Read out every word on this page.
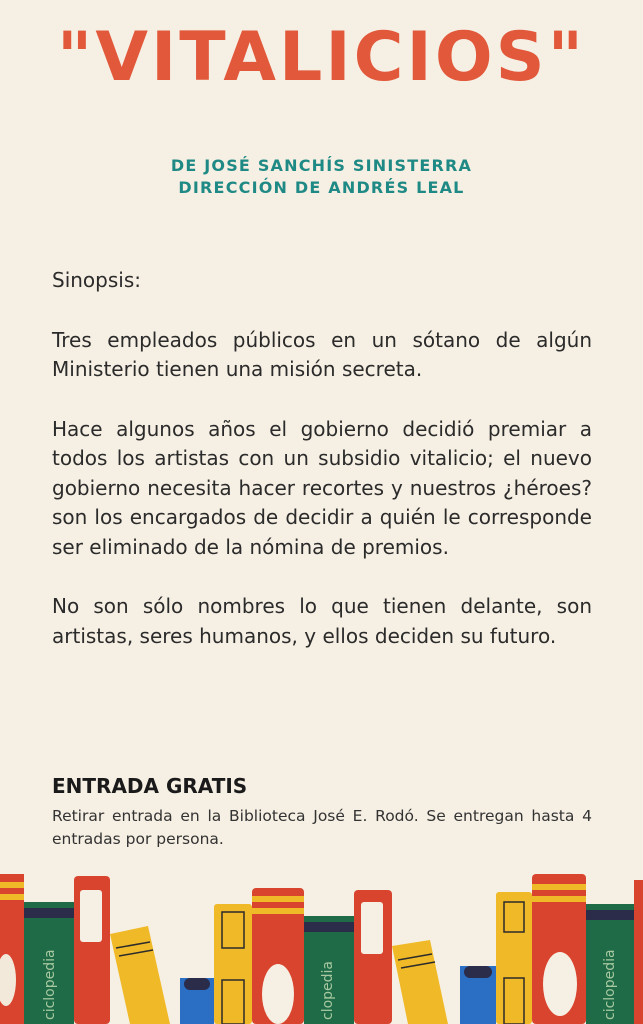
"VITALICIOS"
DE JOSÉ SANCHÍS SINISTERRA
DIRECCIÓN DE ANDRÉS LEAL

Sinopsis:

Tres empleados públicos en un sótano de algún Ministerio tienen una misión secreta.

Hace algunos años el gobierno decidió premiar a todos los artistas con un subsidio vitalicio; el nuevo gobierno necesita hacer recortes y nuestros ¿héroes? son los encargados de decidir a quién le corresponde ser eliminado de la nómina de premios.

No son sólo nombres lo que tienen delante, son artistas, seres humanos, y ellos deciden su futuro.

ENTRADA GRATIS
Retirar entrada en la Biblioteca José E. Rodó. Se entregan hasta 4 entradas por persona.
ciclopedia	clopedia	ciclopedia
